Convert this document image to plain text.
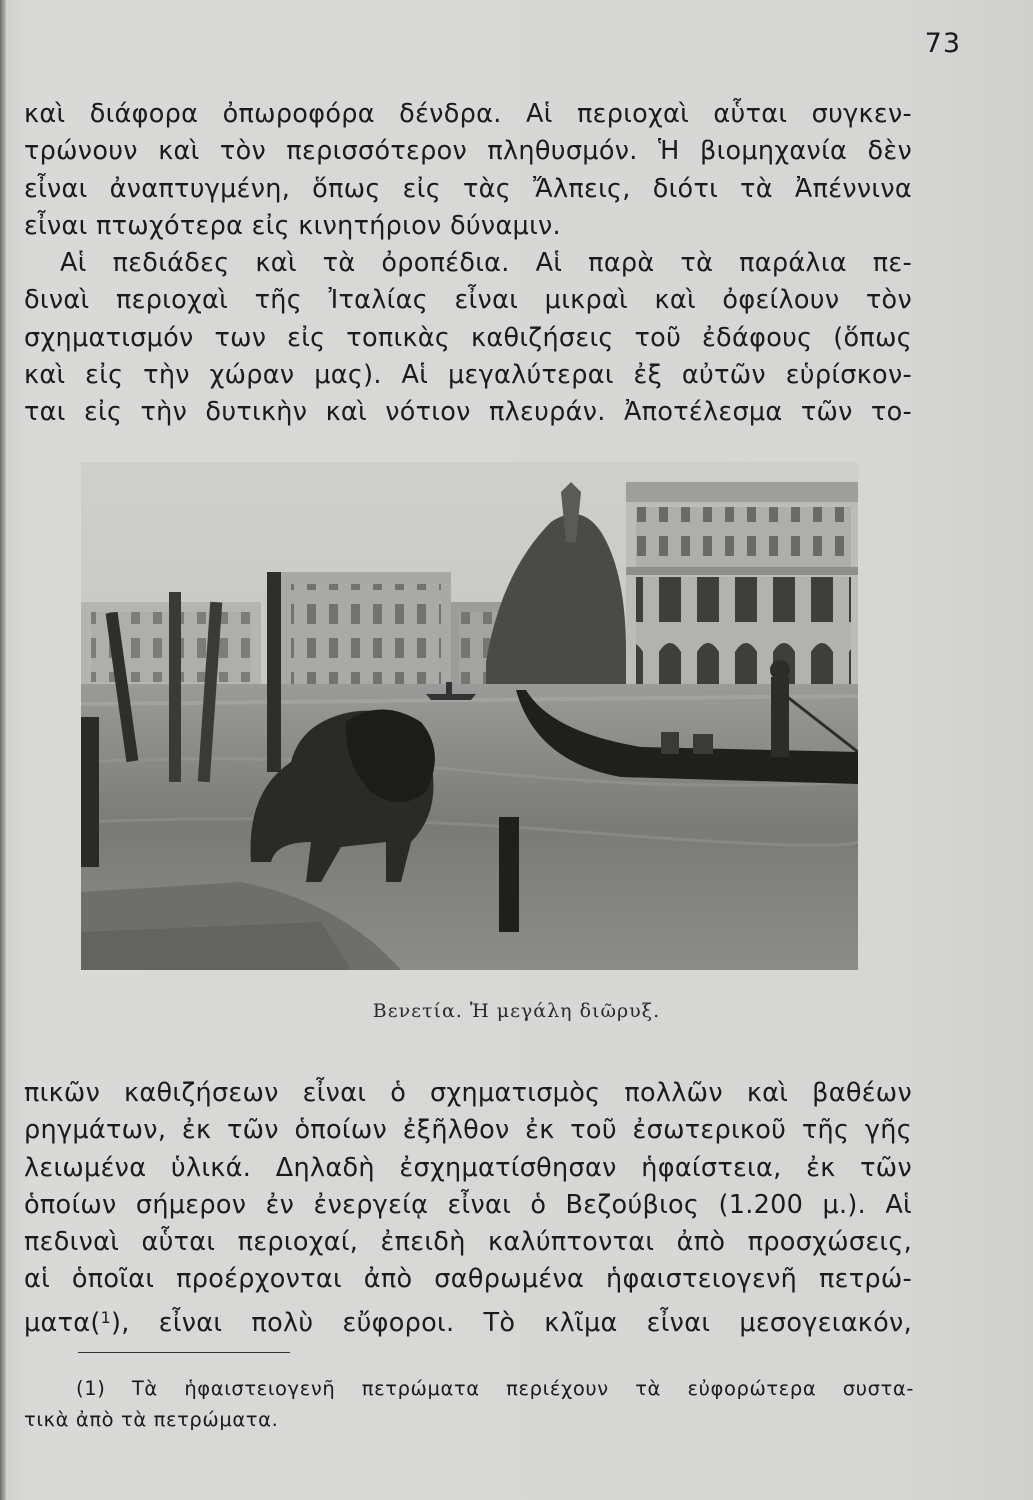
73
καὶ διάφορα ὀπωροφόρα δένδρα. Αἱ περιοχαὶ αὗται συγκεν-
τρώνουν καὶ τὸν περισσότερον πληθυσμόν. Ἡ βιομηχανία δὲν
εἶναι ἀναπτυγμένη, ὅπως εἰς τὰς Ἄλπεις, διότι τὰ Ἀπέννινα
εἶναι πτωχότερα εἰς κινητήριον δύναμιν.
Αἱ πεδιάδες καὶ τὰ ὀροπέδια. Αἱ παρὰ τὰ παράλια πε-
διναὶ περιοχαὶ τῆς Ἰταλίας εἶναι μικραὶ καὶ ὀφείλουν τὸν
σχηματισμόν των εἰς τοπικὰς καθιζήσεις τοῦ ἐδάφους (ὅπως
καὶ εἰς τὴν χώραν μας). Αἱ μεγαλύτεραι ἐξ αὐτῶν εὑρίσκον-
ται εἰς τὴν δυτικὴν καὶ νότιον πλευράν. Ἀποτέλεσμα τῶν το-
Βενετία. Ἡ μεγάλη διῶρυξ.
πικῶν καθιζήσεων εἶναι ὁ σχηματισμὸς πολλῶν καὶ βαθέων
ρηγμάτων, ἐκ τῶν ὁποίων ἐξῆλθον ἐκ τοῦ ἐσωτερικοῦ τῆς γῆς
λειωμένα ὑλικά. Δηλαδὴ ἐσχηματίσθησαν ἡφαίστεια, ἐκ τῶν
ὁποίων σήμερον ἐν ἐνεργείᾳ εἶναι ὁ Βεζούβιος (1.200 μ.). Αἱ
πεδιναὶ αὗται περιοχαί, ἐπειδὴ καλύπτονται ἀπὸ προσχώσεις,
αἱ ὁποῖαι προέρχονται ἀπὸ σαθρωμένα ἡφαιστειογενῆ πετρώ-
ματα($^1$), εἶναι πολὺ εὔφοροι. Τὸ κλῖμα εἶναι μεσογειακόν,
(1) Τὰ ἡφαιστειογενῆ πετρώματα περιέχουν τὰ εὐφορώτερα συστα-
τικὰ ἀπὸ τὰ πετρώματα.
